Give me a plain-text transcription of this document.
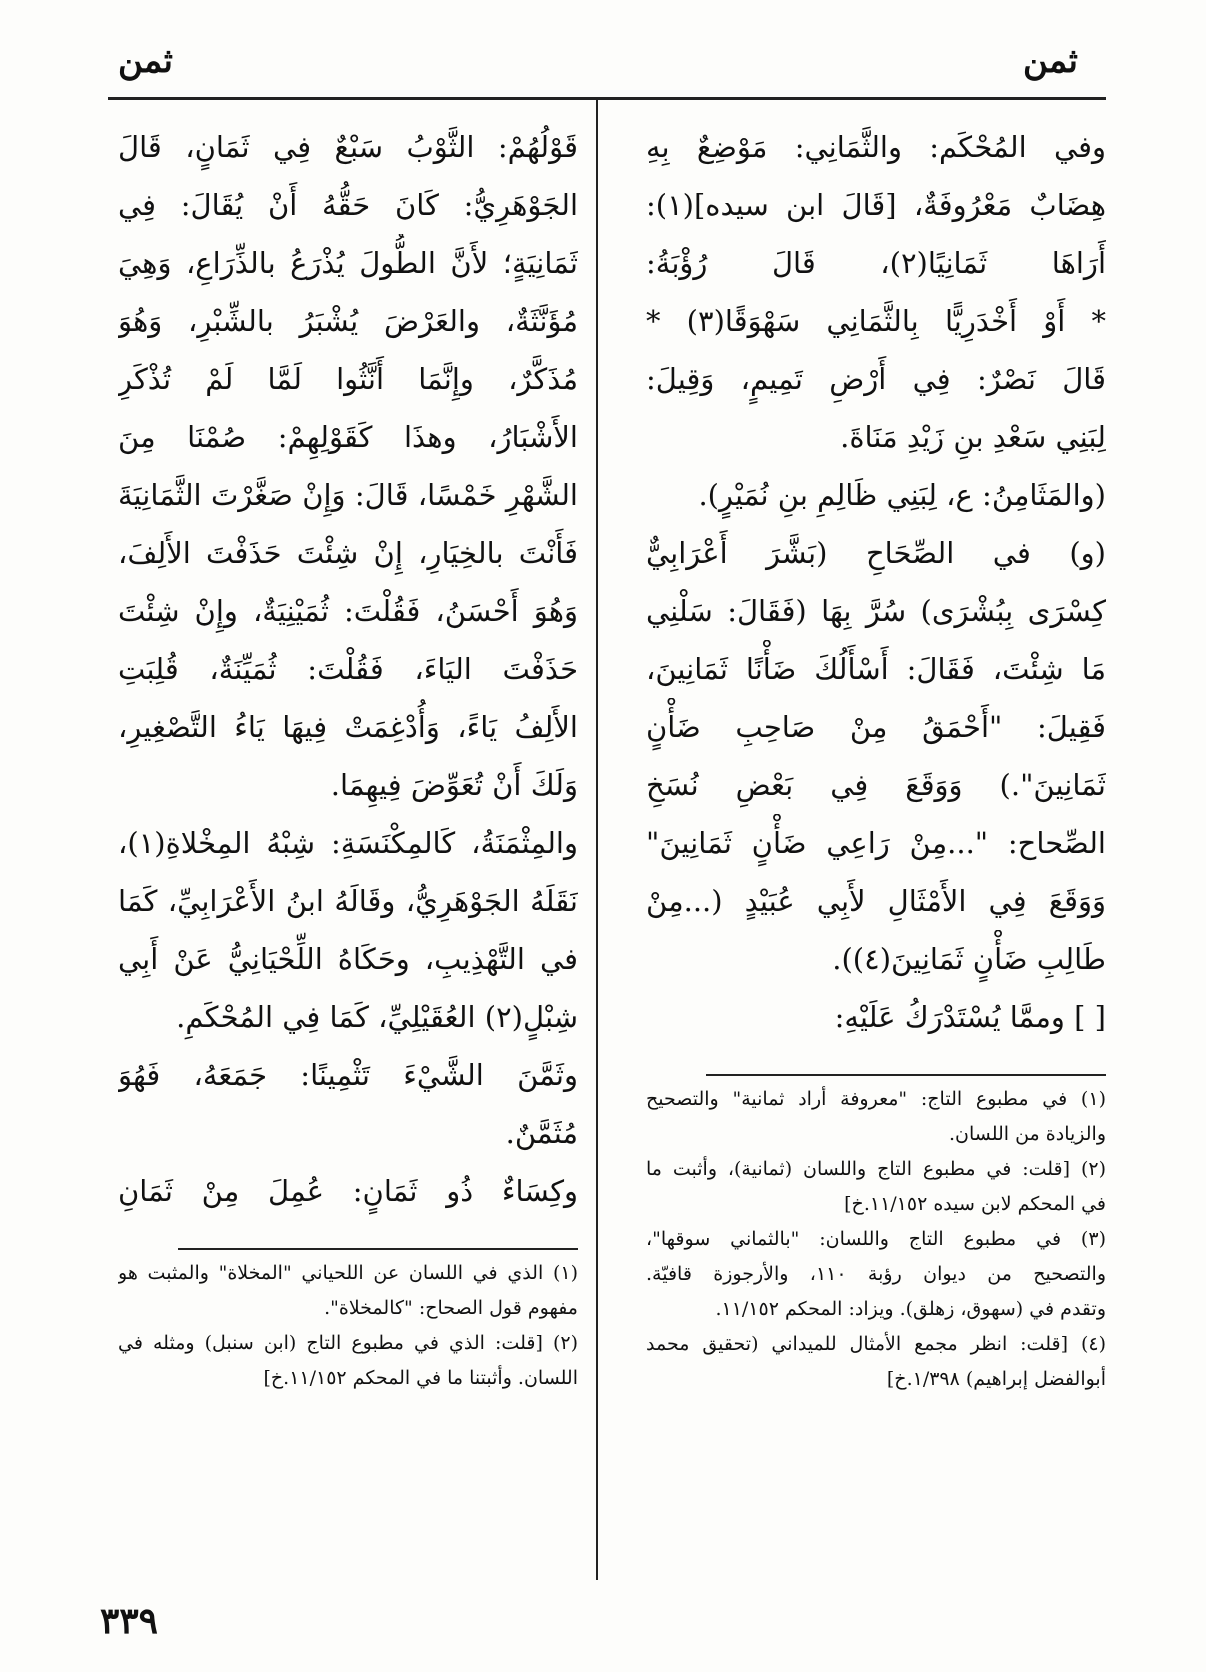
ثمن
ثمن
وفي المُحْكَم: والثَّمَانِي: مَوْضِعٌ بِهِ
هِضَابٌ مَعْرُوفَةٌ، [قَالَ ابن سيده](١):
أَرَاهَا ثَمَانِيًا(٢)، قَالَ رُؤْبَةُ:
* أَوْ أَخْدَرِيًّا بِالثَّمَانِي سَهْوَقًا(٣) *
قَالَ نَصْرٌ: فِي أَرْضِ تَمِيمٍ، وَقِيلَ:
لِبَنِي سَعْدِ بنِ زَيْدِ مَنَاةَ.
(والمَثَامِنُ: ع، لِبَنِي ظَالِمِ بنِ نُمَيْرٍ).
(و) في الصِّحَاحِ (بَشَّرَ أَعْرَابِيٌّ
كِسْرَى بِبُشْرَى) سُرَّ بِهَا (فَقَالَ: سَلْنِي
مَا شِئْتَ، فَقَالَ: أَسْأَلُكَ ضَأْنًا ثَمَانِينَ،
فَقِيلَ: "أَحْمَقُ مِنْ صَاحِبِ ضَأْنٍ
ثَمَانِينَ".) وَوَقَعَ فِي بَعْضِ نُسَخِ
الصِّحاح: "...مِنْ رَاعِي ضَأْنٍ ثَمَانِينَ"
وَوَقَعَ فِي الأَمْثَالِ لأَبِي عُبَيْدٍ (...مِنْ
طَالِبِ ضَأْنٍ ثَمَانِينَ(٤)).
[ ] وممَّا يُسْتَدْرَكُ عَلَيْهِ:
(١) في مطبوع التاج: "معروفة أراد ثمانية" والتصحيح
والزيادة من اللسان.
(٢) [قلت: في مطبوع التاج واللسان (ثمانية)، وأثبت ما
في المحكم لابن سيده ١١/١٥٢.خ]
(٣) في مطبوع التاج واللسان: "بالثماني سوقها"،
والتصحيح من ديوان رؤبة ١١٠، والأرجوزة قافيّة.
وتقدم في (سهوق، زهلق). ويزاد: المحكم ١١/١٥٢.
(٤) [قلت: انظر مجمع الأمثال للميداني (تحقيق محمد
أبوالفضل إبراهيم) ١/٣٩٨.خ]
قَوْلُهُمْ: الثَّوْبُ سَبْعٌ فِي ثَمَانٍ، قَالَ
الجَوْهَرِيُّ: كَانَ حَقُّهُ أَنْ يُقَالَ: فِي
ثَمَانِيَةٍ؛ لأَنَّ الطُّولَ يُذْرَعُ بالذِّرَاعِ، وَهِيَ
مُؤَنَّثَةٌ، والعَرْضَ يُشْبَرُ بالشِّبْرِ، وَهُوَ
مُذَكَّرٌ، وإِنَّمَا أَنَّثُوا لَمَّا لَمْ تُذْكَرِ
الأَشْبَارُ، وهذَا كَقَوْلِهِمْ: صُمْنَا مِنَ
الشَّهْرِ خَمْسًا، قَالَ: وَإِنْ صَغَّرْتَ الثَّمَانِيَةَ
فَأَنْتَ بالخِيَارِ، إِنْ شِئْتَ حَذَفْتَ الأَلِفَ،
وَهُوَ أَحْسَنُ، فَقُلْتَ: ثُمَيْنِيَةٌ، وإِنْ شِئْتَ
حَذَفْتَ اليَاءَ، فَقُلْتَ: ثُمَيِّنَةٌ، قُلِبَتِ
الأَلِفُ يَاءً، وَأُدْغِمَتْ فِيهَا يَاءُ التَّصْغِيرِ،
وَلَكَ أَنْ تُعَوِّضَ فِيهِمَا.
والمِثْمَنَةُ، كَالمِكْنَسَةِ: شِبْهُ المِخْلاةِ(١)،
نَقَلَهُ الجَوْهَرِيُّ، وقَالَهُ ابنُ الأَعْرَابِيِّ، كَمَا
في التَّهْذِيبِ، وحَكَاهُ اللِّحْيَانِيُّ عَنْ أَبِي
شِبْلٍ(٢) العُقَيْلِيِّ، كَمَا فِي المُحْكَمِ.
وثَمَّنَ الشَّيْءَ تَثْمِينًا: جَمَعَهُ، فَهُوَ
مُثَمَّنٌ.
وكِسَاءٌ ذُو ثَمَانٍ: عُمِلَ مِنْ ثَمَانِ
(١) الذي في اللسان عن اللحياني "المخلاة" والمثبت هو
مفهوم قول الصحاح: "كالمخلاة".
(٢) [قلت: الذي في مطبوع التاج (ابن سنبل) ومثله في
اللسان. وأثبتنا ما في المحكم ١١/١٥٢.خ]
٣٣٩
